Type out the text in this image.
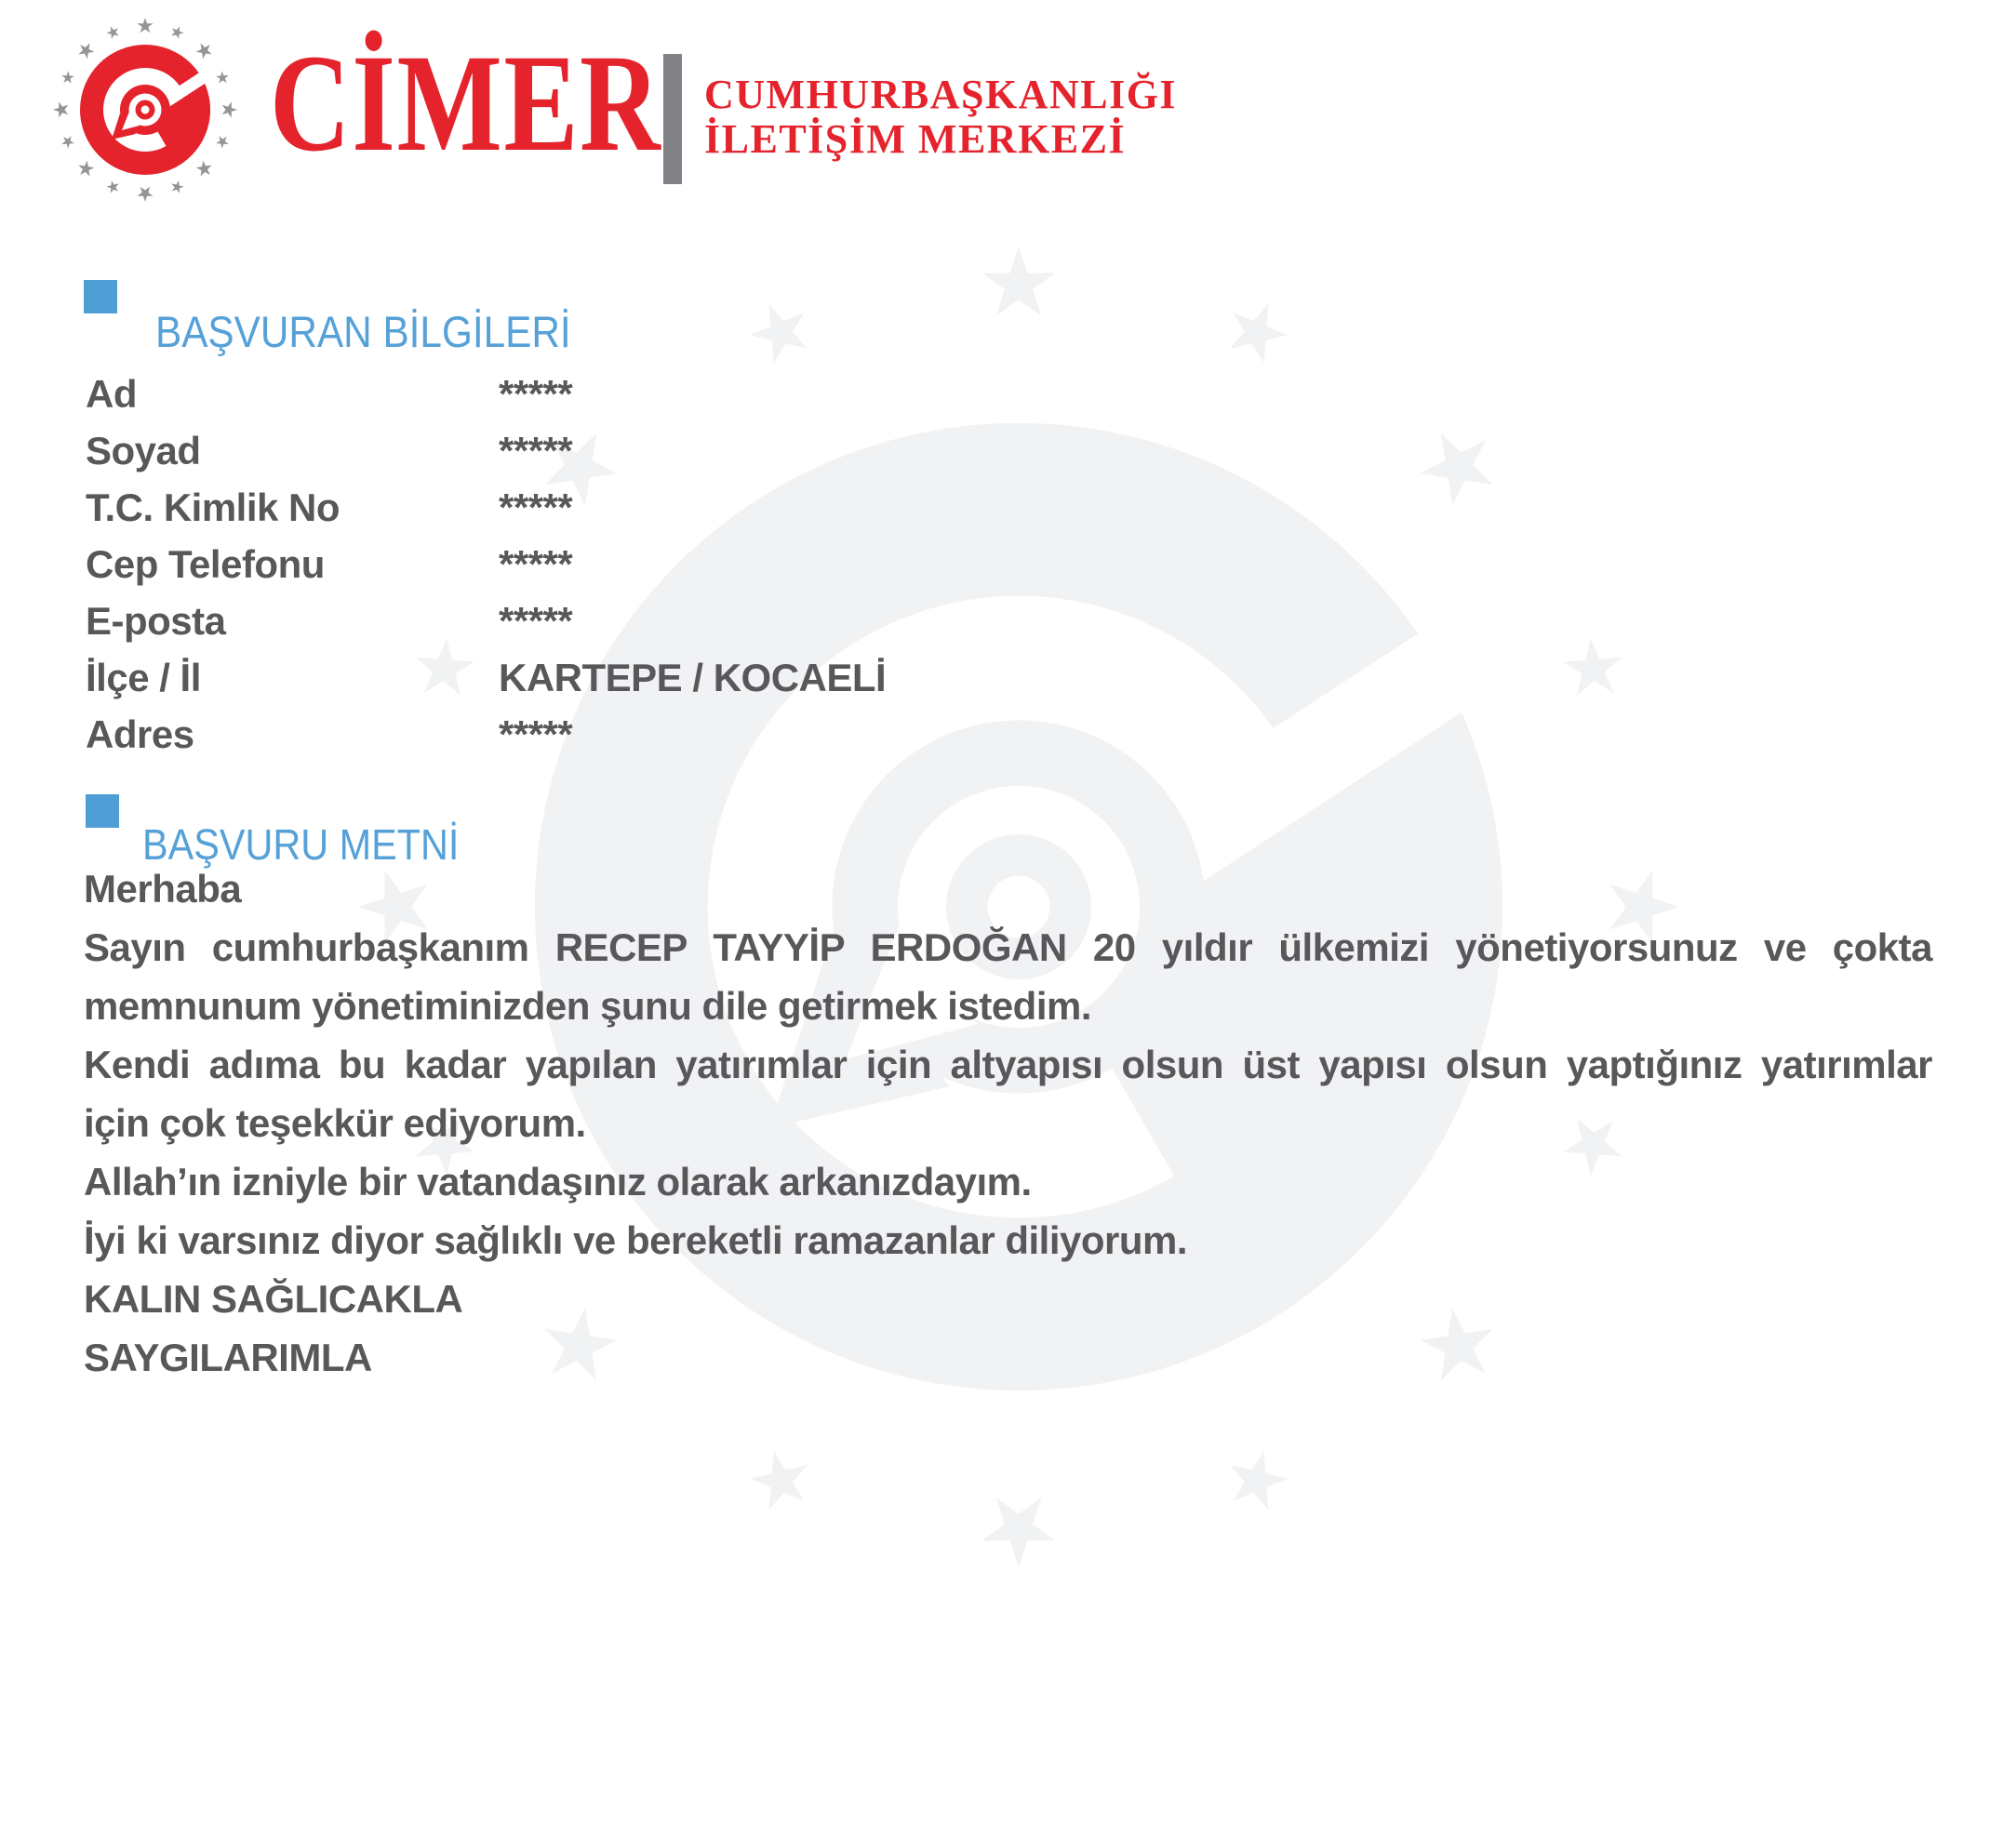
CİMER CUMHURBAŞKANLIĞI
İLETİŞİM MERKEZİ
BAŞVURAN BİLGİLERİ
Ad	*****
Soyad	*****
T.C. Kimlik No	*****
Cep Telefonu	*****
E-posta	*****
İlçe / İl	KARTEPE / KOCAELİ
Adres	*****
BAŞVURU METNİ
Merhaba
Sayın cumhurbaşkanım RECEP TAYYİP ERDOĞAN 20 yıldır ülkemizi yönetiyorsunuz ve çokta
memnunum yönetiminizden şunu dile getirmek istedim.
Kendi adıma bu kadar yapılan yatırımlar için altyapısı olsun üst yapısı olsun yaptığınız yatırımlar
için çok teşekkür ediyorum.
Allah’ın izniyle bir vatandaşınız olarak arkanızdayım.
İyi ki varsınız diyor sağlıklı ve bereketli ramazanlar diliyorum.
KALIN SAĞLICAKLA
SAYGILARIMLA
